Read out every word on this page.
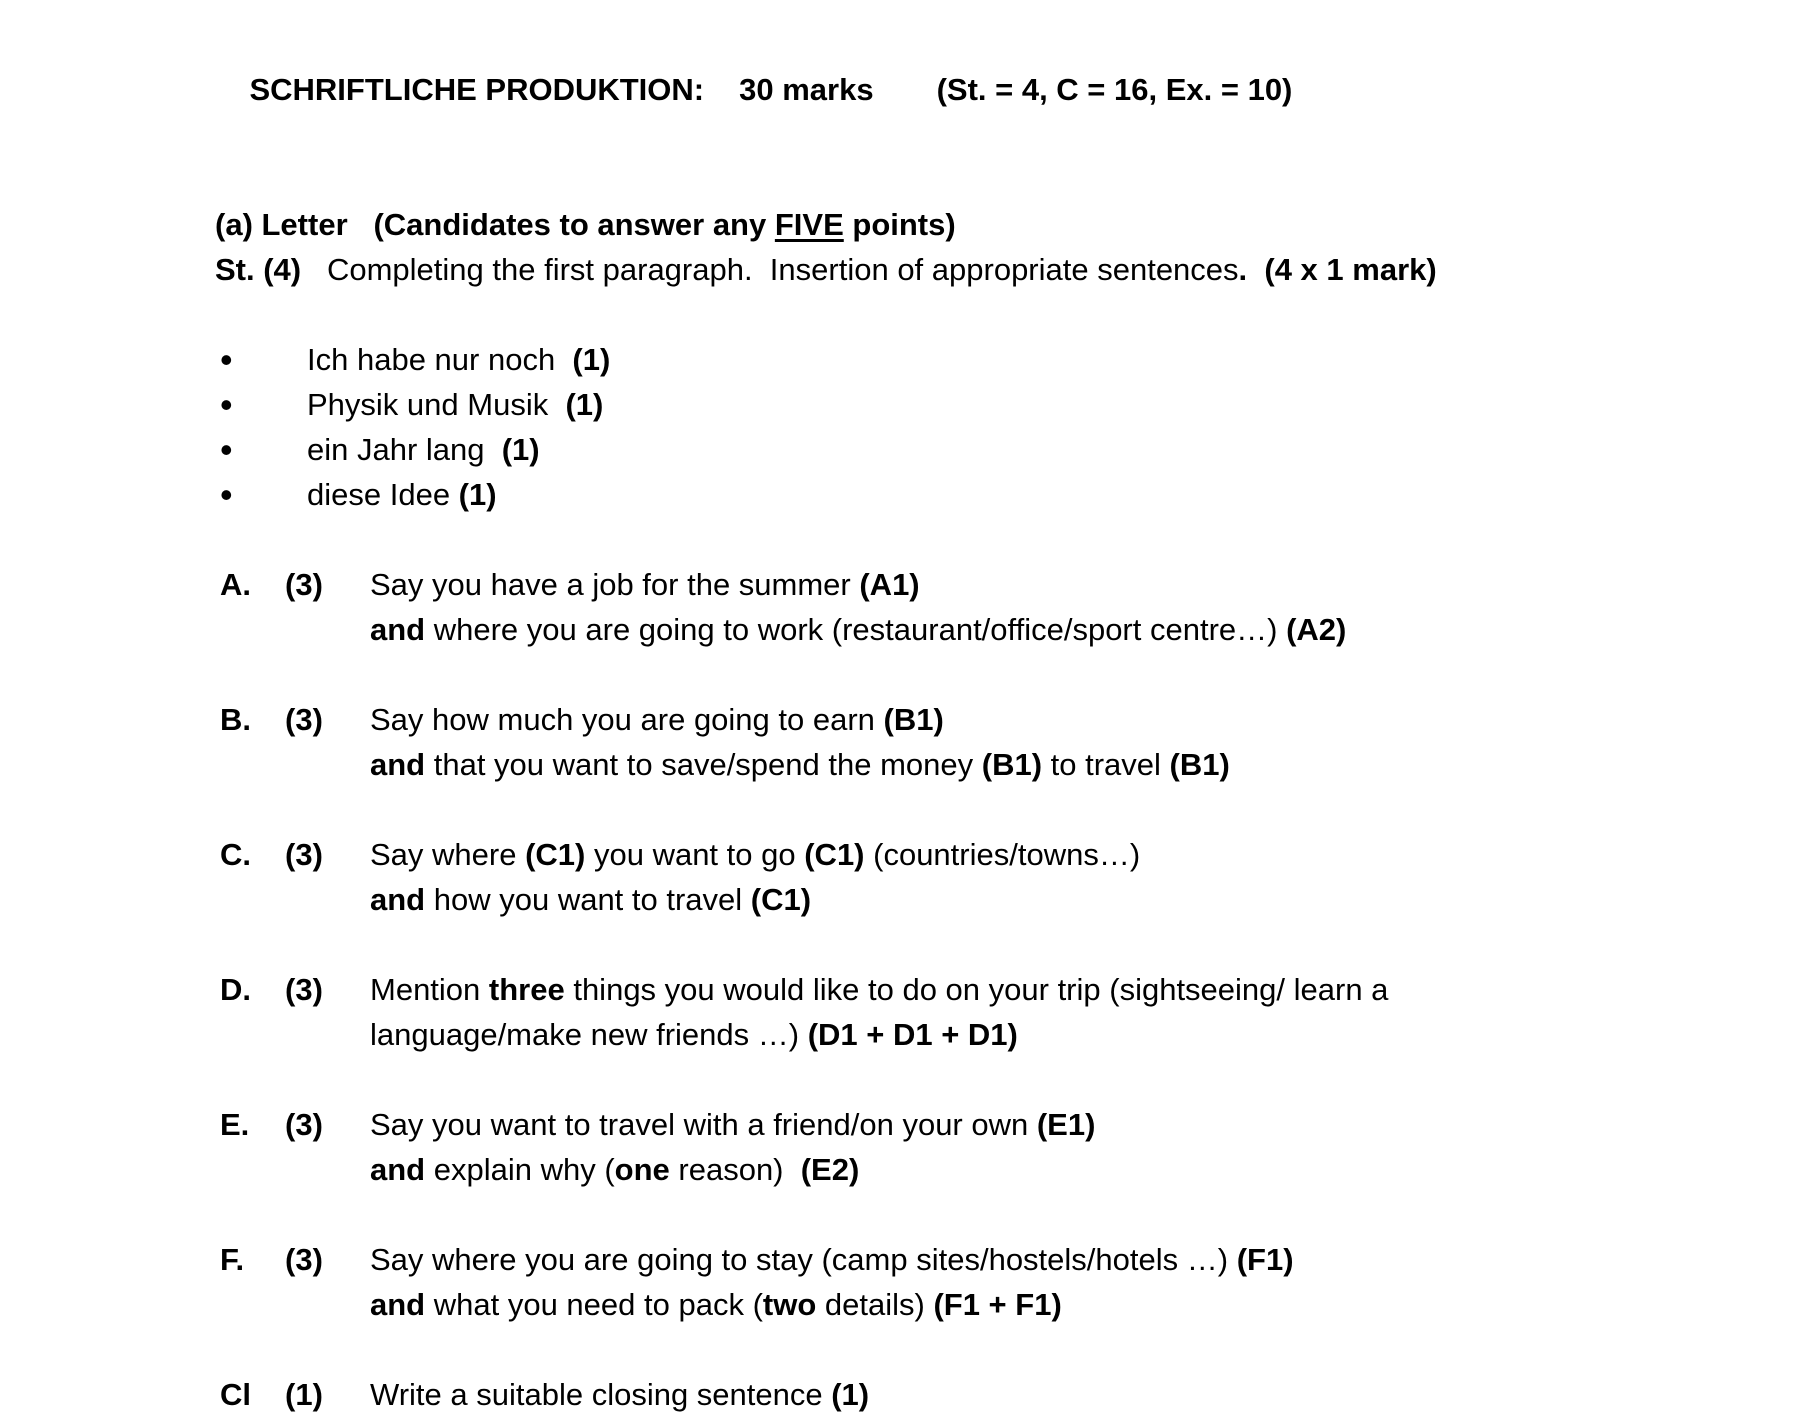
SCHRIFTLICHE PRODUKTION: 30 marks (St. = 4, C = 16, Ex. = 10)

(a) Letter   (Candidates to answer any FIVE points)
St. (4)   Completing the first paragraph.  Insertion of appropriate sentences.  (4 x 1 mark)
•	Ich habe nur noch  (1)
•	Physik und Musik  (1)
•	ein Jahr lang  (1)
•	diese Idee (1)
A.	(3)	Say you have a job for the summer (A1)
and where you are going to work (restaurant/office/sport centre…) (A2)
B.	(3)	Say how much you are going to earn (B1)
and that you want to save/spend the money (B1) to travel (B1)
C.	(3)	Say where (C1) you want to go (C1) (countries/towns…)
and how you want to travel (C1)
D.	(3)	Mention three things you would like to do on your trip (sightseeing/ learn a
language/make new friends …) (D1 + D1 + D1)
E.	(3)	Say you want to travel with a friend/on your own (E1)
and explain why (one reason)  (E2)
F.	(3)	Say where you are going to stay (camp sites/hostels/hotels …) (F1)
and what you need to pack (two details) (F1 + F1)
Cl	(1)	Write a suitable closing sentence (1)
